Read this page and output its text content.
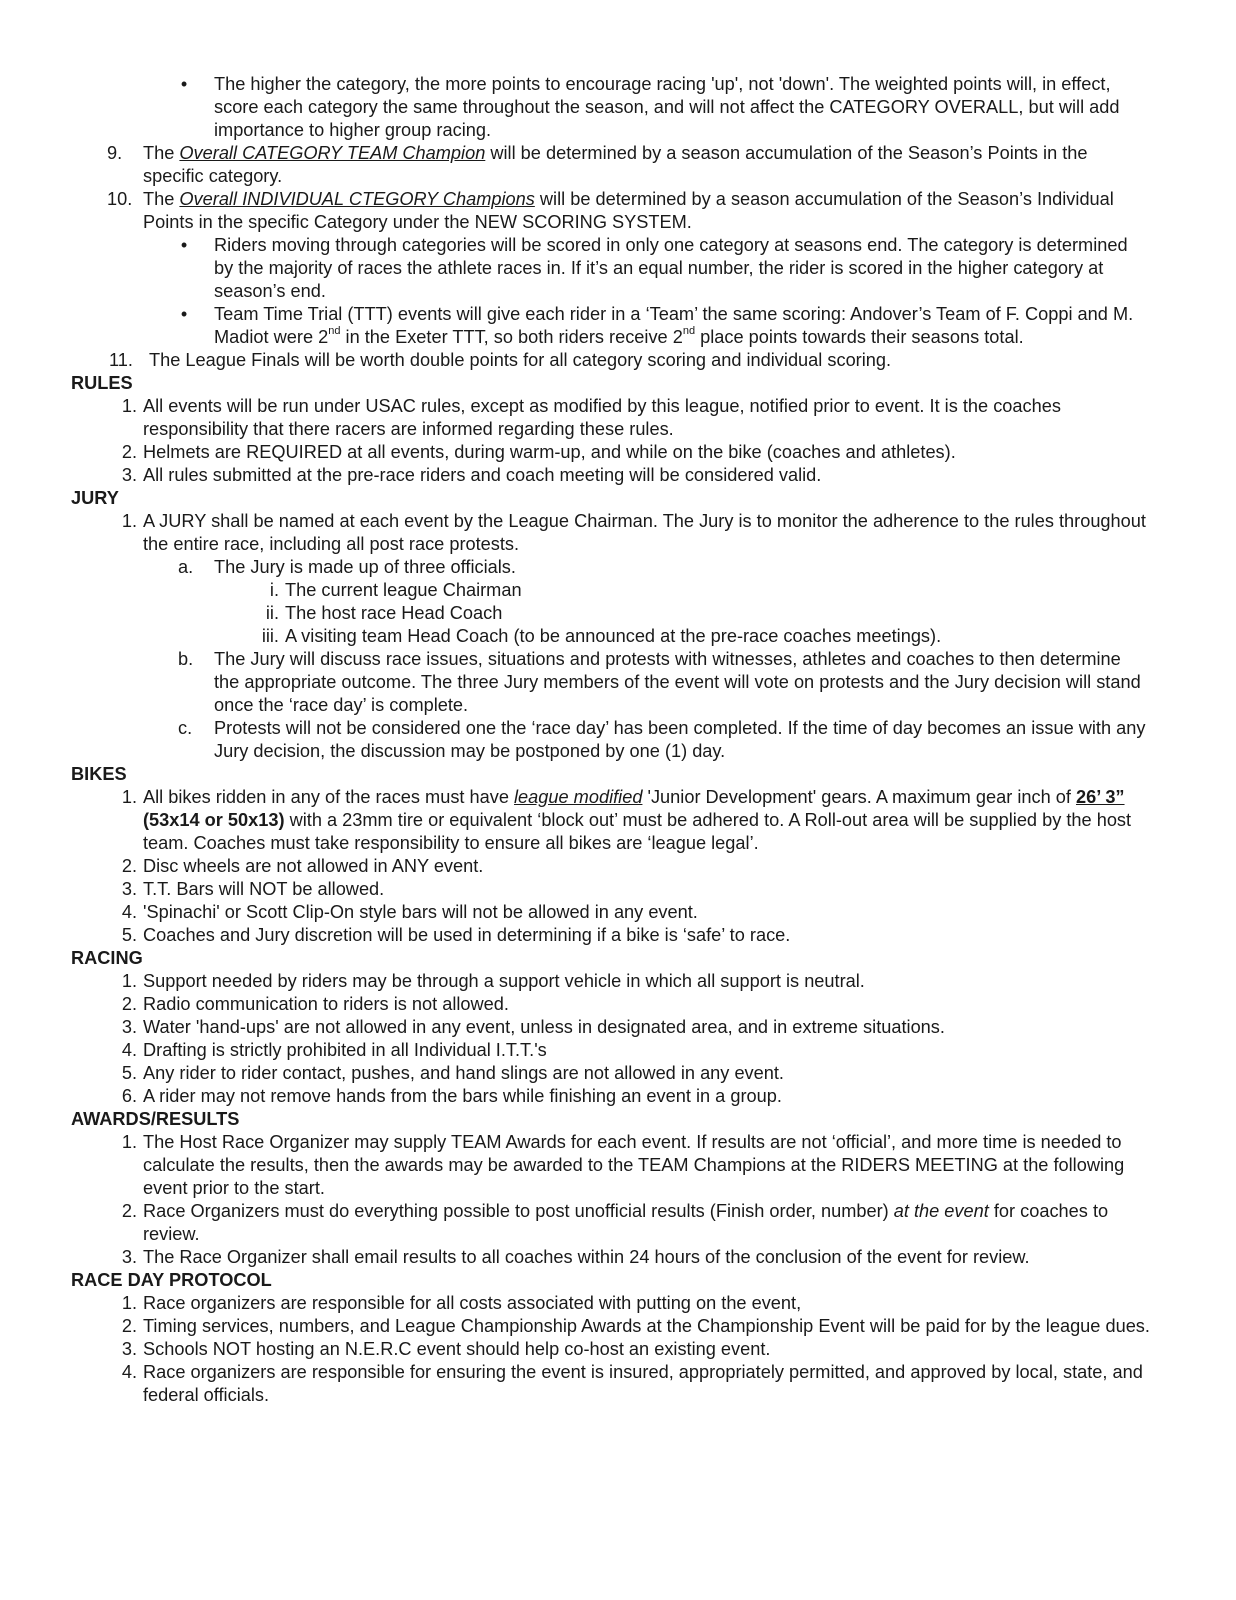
• The higher the category, the more points to encourage racing 'up', not 'down'. The weighted points will, in effect, score each category the same throughout the season, and will not affect the CATEGORY OVERALL, but will add importance to higher group racing.
9.	The Overall CATEGORY TEAM Champion will be determined by a season accumulation of the Season’s Points in the specific category.
10. The Overall INDIVIDUAL CTEGORY Champions will be determined by a season accumulation of the Season’s Individual Points in the specific Category under the NEW SCORING SYSTEM.
• Riders moving through categories will be scored in only one category at seasons end. The category is determined by the majority of races the athlete races in. If it’s an equal number, the rider is scored in the higher category at season’s end.
• Team Time Trial (TTT) events will give each rider in a ‘Team’ the same scoring: Andover’s Team of F. Coppi and M. Madiot were 2nd in the Exeter TTT, so both riders receive 2nd place points towards their seasons total.
11. The League Finals will be worth double points for all category scoring and individual scoring.
RULES
1. All events will be run under USAC rules, except as modified by this league, notified prior to event. It is the coaches responsibility that there racers are informed regarding these rules.
2. Helmets are REQUIRED at all events, during warm-up, and while on the bike (coaches and athletes).
3. All rules submitted at the pre-race riders and coach meeting will be considered valid.
JURY
1. A JURY shall be named at each event by the League Chairman. The Jury is to monitor the adherence to the rules throughout the entire race, including all post race protests.
a. The Jury is made up of three officials.
i. The current league Chairman
ii. The host race Head Coach
iii. A visiting team Head Coach (to be announced at the pre-race coaches meetings).
b. The Jury will discuss race issues, situations and protests with witnesses, athletes and coaches to then determine the appropriate outcome. The three Jury members of the event will vote on protests and the Jury decision will stand once the ‘race day’ is complete.
c.	Protests will not be considered one the ‘race day’ has been completed. If the time of day becomes an issue with any Jury decision, the discussion may be postponed by one (1) day.
BIKES
1. All bikes ridden in any of the races must have league modified 'Junior Development' gears. A maximum gear inch of 26’ 3” (53x14 or 50x13) with a 23mm tire or equivalent ‘block out’ must be adhered to. A Roll-out area will be supplied by the host team. Coaches must take responsibility to ensure all bikes are ‘league legal’.
2. Disc wheels are not allowed in ANY event.
3. T.T. Bars will NOT be allowed.
4. 'Spinachi' or Scott Clip-On style bars will not be allowed in any event.
5. Coaches and Jury discretion will be used in determining if a bike is ‘safe’ to race.
RACING
1. Support needed by riders may be through a support vehicle in which all support is neutral.
2. Radio communication to riders is not allowed.
3. Water 'hand-ups' are not allowed in any event, unless in designated area, and in extreme situations.
4. Drafting is strictly prohibited in all Individual I.T.T.'s
5. Any rider to rider contact, pushes, and hand slings are not allowed in any event.
6. A rider may not remove hands from the bars while finishing an event in a group.
AWARDS/RESULTS
1. The Host Race Organizer may supply TEAM Awards for each event. If results are not ‘official’, and more time is needed to calculate the results, then the awards may be awarded to the TEAM Champions at the RIDERS MEETING at the following event prior to the start.
2. Race Organizers must do everything possible to post unofficial results (Finish order, number) at the event for coaches to review.
3. The Race Organizer shall email results to all coaches within 24 hours of the conclusion of the event for review.
RACE DAY PROTOCOL
1. Race organizers are responsible for all costs associated with putting on the event,
2. Timing services, numbers, and League Championship Awards at the Championship Event will be paid for by the league dues.
3. Schools NOT hosting an N.E.R.C event should help co-host an existing event.
4. Race organizers are responsible for ensuring the event is insured, appropriately permitted, and approved by local, state, and federal officials.
